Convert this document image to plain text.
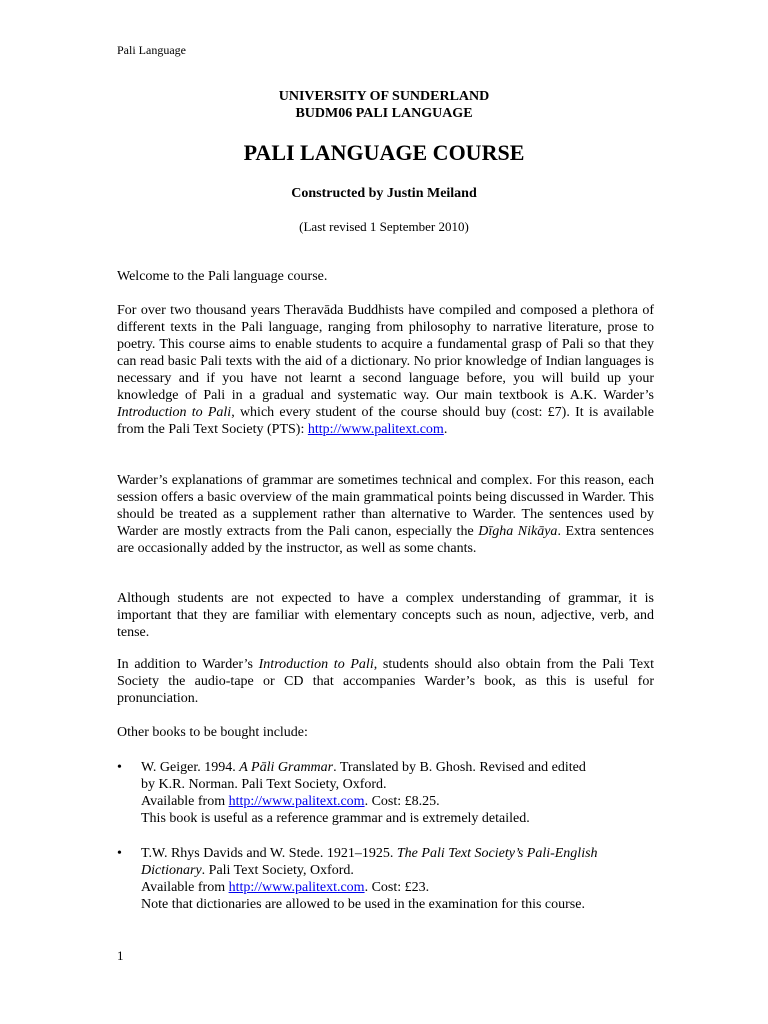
Pali Language
UNIVERSITY OF SUNDERLAND
BUDM06 PALI LANGUAGE
PALI LANGUAGE COURSE
Constructed by Justin Meiland
(Last revised 1 September 2010)

Welcome to the Pali language course.

For over two thousand years Theravāda Buddhists have compiled and composed a plethora of different texts in the Pali language, ranging from philosophy to narrative literature, prose to poetry. This course aims to enable students to acquire a fundamental grasp of Pali so that they can read basic Pali texts with the aid of a dictionary. No prior knowledge of Indian languages is necessary and if you have not learnt a second language before, you will build up your knowledge of Pali in a gradual and systematic way. Our main textbook is A.K. Warder’s Introduction to Pali, which every student of the course should buy (cost: £7). It is available from the Pali Text Society (PTS): http://www.palitext.com.

Warder’s explanations of grammar are sometimes technical and complex. For this reason, each session offers a basic overview of the main grammatical points being discussed in Warder. This should be treated as a supplement rather than alternative to Warder. The sentences used by Warder are mostly extracts from the Pali canon, especially the Dīgha Nikāya. Extra sentences are occasionally added by the instructor, as well as some chants.

Although students are not expected to have a complex understanding of grammar, it is important that they are familiar with elementary concepts such as noun, adjective, verb, and tense.

In addition to Warder’s Introduction to Pali, students should also obtain from the Pali Text Society the audio-tape or CD that accompanies Warder’s book, as this is useful for pronunciation.

Other books to be bought include:

• W. Geiger. 1994. A Pāli Grammar. Translated by B. Ghosh. Revised and edited
by K.R. Norman. Pali Text Society, Oxford.
Available from http://www.palitext.com. Cost: £8.25.
This book is useful as a reference grammar and is extremely detailed.
• T.W. Rhys Davids and W. Stede. 1921–1925. The Pali Text Society’s Pali-English
Dictionary. Pali Text Society, Oxford.
Available from http://www.palitext.com. Cost: £23.
Note that dictionaries are allowed to be used in the examination for this course.
1
